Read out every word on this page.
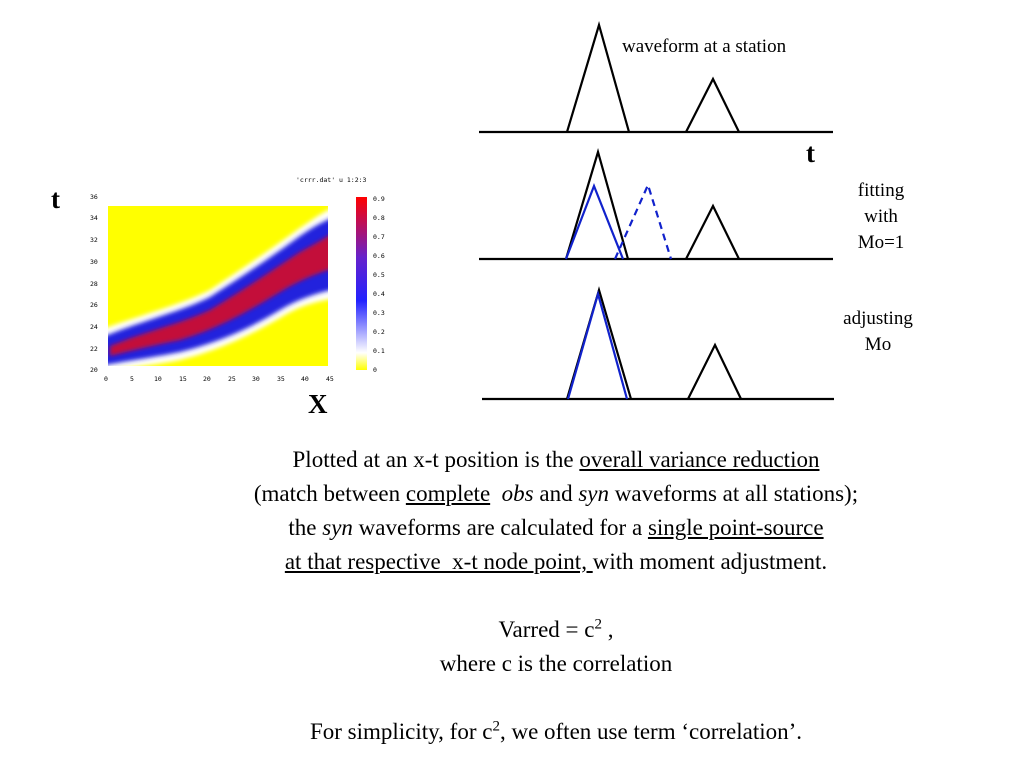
'crrr.dat' u 1:2:3
20
22
24
26
28
30
32
34
36
0	5	10	15 20	25 30	35 40	45
0
0.1
0.2
0.3
0.4
0.5
0.6
0.7
0.8
0.9
t
X
waveform at a station
t
fitting
with
Mo=1
adjusting
Mo
Plotted at an x-t position is the overall variance reduction
(match between complete obs and syn waveforms at all stations);
the syn waveforms are calculated for a single point-source
at that respective  x-t node point, with moment adjustment.
Varred = $c^2$ ,
where c is the correlation
For simplicity, for $c^2$, we often use term ‘correlation’.
